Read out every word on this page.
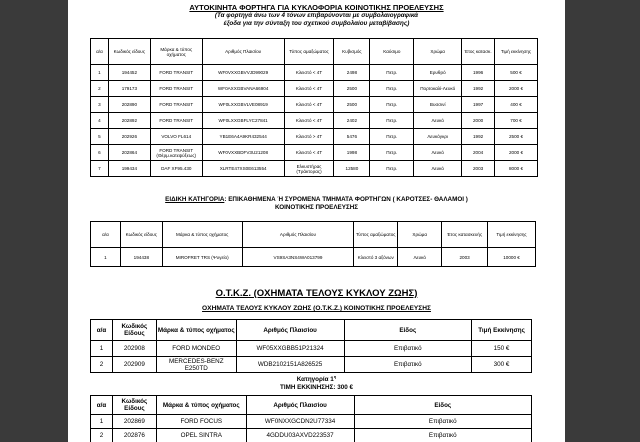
ΑΥΤΟΚΙΝΗΤΑ ΦΟΡΤΗΓΑ ΓΙΑ ΚΥΚΛΟΦΟΡΙΑ ΚΟΙΝΟΤΙΚΗΣ ΠΡΟΕΛΕΥΣΗΣ
(Τα φορτηγά άνω των 4 τόνων επιβαρύνονται με συμβολαιογραφικά
έξοδα για την σύνταξη του σχετικού συμβολαίου μεταβίβασης)
α/α	Κωδικός είδους	Μάρκα & τύπος οχήματος	Αριθμός Πλαισίου	Τύπος αμαξώματος	Κυβισμός	Καύσιμο	Χρώμα	Έτος κατασκ.	Τιμή εκκίνησης
1	194452	FORD TRANSIT	WF0VXXGBVVJD99029	Κλειστό < 4Τ	2498	Πετρ.	Ερυθρό	1996	500 €
2	179173	FORD TRANSIT	WF0AXXGBVANA66904	Κλειστό < 4Τ	2500	Πετρ.	Πορτοκαλί-Λευκό	1992	2000 €
3	202890	FORD TRANSIT	WF0LXXGBVLVE08919	Κλειστό < 4Τ	2500	Πετρ.	Βυσσινί	1997	400 €
4	202892	FORD TRANSIT	WF0LXXGBFLYC27841	Κλειστό < 4Τ	2402	Πετρ.	Λευκό	2000	700 €
5	202926	VOLVO FL614	YB1E6A4A9KR432544	Κλειστό > 4Τ	5476	Πετρ.	Λευκόγκρι	1992	2500 €
6	202864	FORD TRANSIT (Θέρμ.κατεψύξεως)	WF0VXXBDFV3U21208	Κλειστό < 4Τ	1998	Πετρ.	Λευκό	2004	2000 €
7	199434	DAF XF95.430	XLRTE47XS0E613554	Ελκυστήρας (Τράκτορας)	12580	Πετρ.	Λευκό	2003	8000 €
ΕΙΔΙΚΗ ΚΑΤΗΓΟΡΙΑ: ΕΠΙΚΑΘΗΜΕΝΑ Ή ΣΥΡΟΜΕΝΑ ΤΜΗΜΑΤΑ ΦΟΡΤΗΓΩΝ ( ΚΑΡΟΤΣΕΣ- ΘΑΛΑΜΟΙ )
ΚΟΙΝΟΤΙΚΗΣ ΠΡΟΕΛΕΥΣΗΣ
α/α	Κωδικός είδους	Μάρκα & τύπος οχήματος	Αριθμός Πλαισίου	Τύπος αμαξώματος	Χρώμα	Έτος κατασκευής	Τιμή εκκίνησης
1	194438	MIROFRET TRS (Ψυγείο)	VS9SA3NS4WA013799	Κλειστό 3 αξόνων	Λευκό	2003	10000 €
Ο.Τ.Κ.Ζ. (ΟΧΗΜΑΤΑ ΤΕΛΟΥΣ ΚΥΚΛΟΥ ΖΩΗΣ)
ΟΧΗΜΑΤΑ ΤΕΛΟΥΣ ΚΥΚΛΟΥ ΖΩΗΣ (Ο.Τ.Κ.Ζ.) ΚΟΙΝΟΤΙΚΗΣ ΠΡΟΕΛΕΥΣΗΣ
α/α	Κωδικός Είδους	Μάρκα & τύπος οχήματος	Αριθμός Πλαισίου	Είδος	Τιμή Εκκίνησης
1	202908	FORD MONDEO	WF05XXGBB51P21324	Επιβατικό	150 €
2	202909	MERCEDES-BENZ E250TD	WDB2102151A826525	Επιβατικό	300 €
Κατηγορία $1^\eta$
ΤΙΜΗ ΕΚΚΙΝΗΣΗΣ: 300 €
α/α	Κωδικός Είδους	Μάρκα & τύπος οχήματος	Αριθμός Πλαισίου	Είδος
1	202869	FORD FOCUS	WF0NXXGCDN2U77334	Επιβατικό
2	202876	OPEL SINTRA	4GDDU03AXVD223537	Επιβατικό
